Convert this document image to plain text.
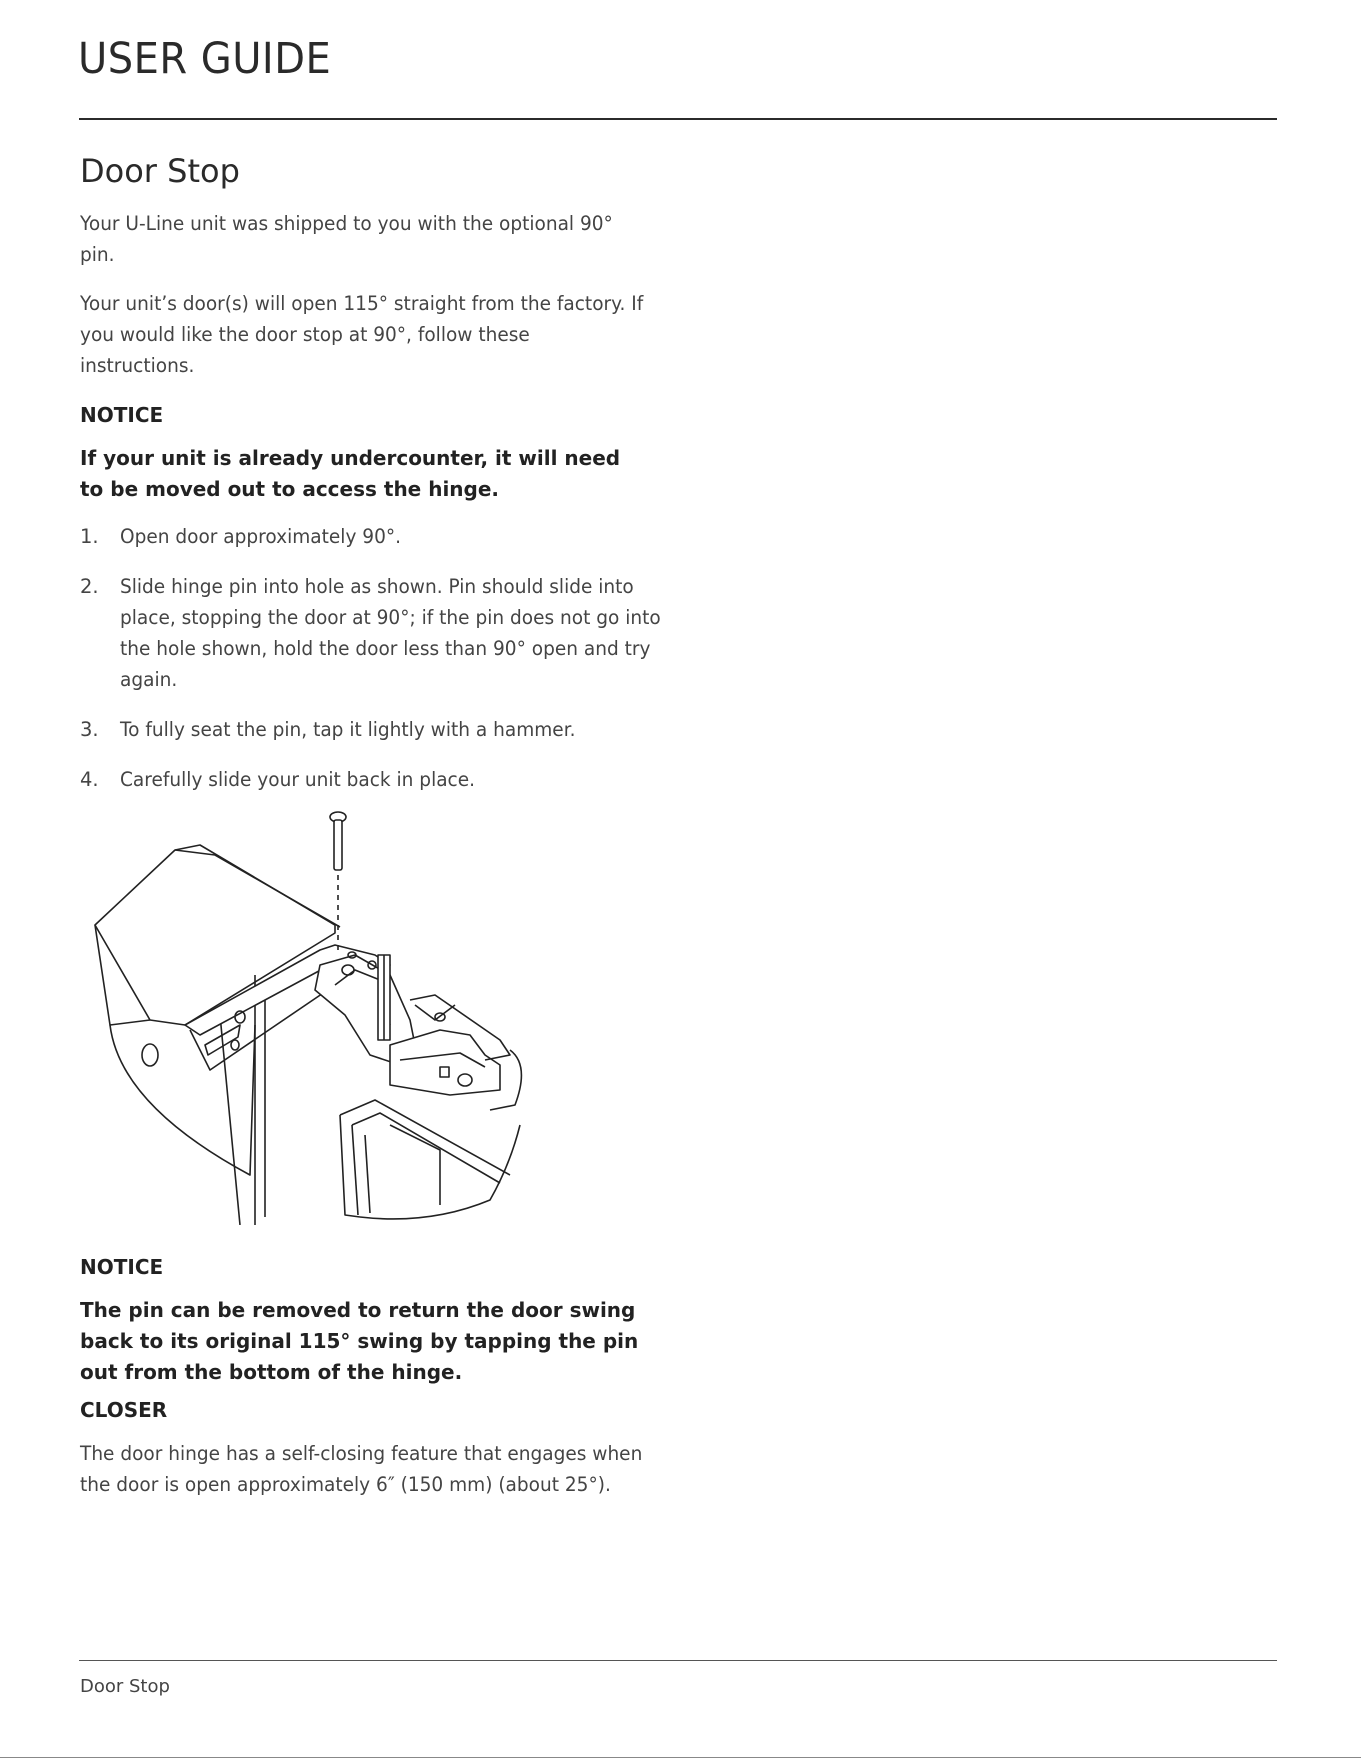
USER GUIDE
Door Stop

Your U-Line unit was shipped to you with the optional 90° pin.

Your unit’s door(s) will open 115° straight from the factory. If you would like the door stop at 90°, follow these instructions.

NOTICE
If your unit is already undercounter, it will need to be moved out to access the hinge.
1. Open door approximately 90°.
2. Slide hinge pin into hole as shown. Pin should slide into place, stopping the door at 90°; if the pin does not go into the hole shown, hold the door less than 90° open and try again.
3. To fully seat the pin, tap it lightly with a hammer.
4. Carefully slide your unit back in place.
NOTICE
The pin can be removed to return the door swing back to its original 115° swing by tapping the pin out from the bottom of the hinge.
CLOSER

The door hinge has a self-closing feature that engages when the door is open approximately 6″ (150 mm) (about 25°).

Door Stop
